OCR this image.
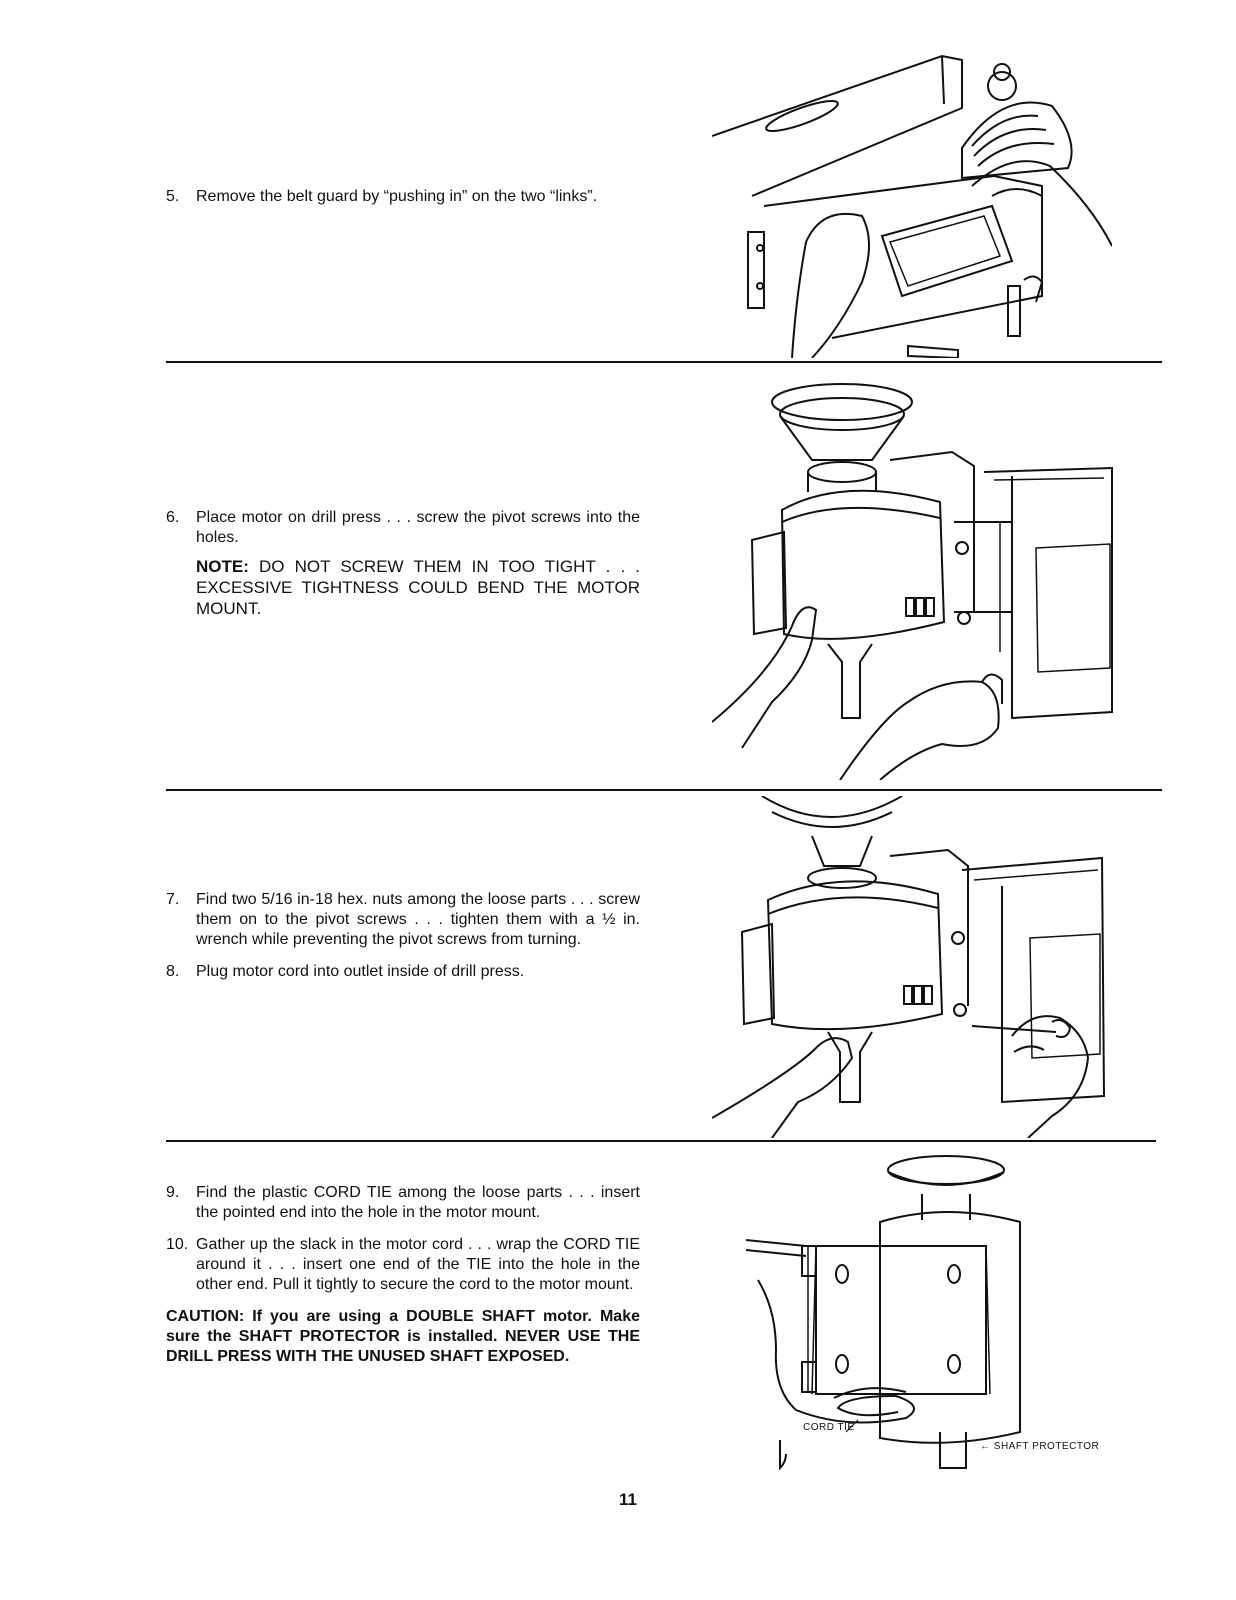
5. Remove the belt guard by “pushing in” on the two “links”.
6. Place motor on drill press . . . screw the pivot screws into the holes.
NOTE: DO NOT SCREW THEM IN TOO TIGHT . . . EXCESSIVE TIGHTNESS COULD BEND THE MOTOR MOUNT.
7. Find two 5/16 in-18 hex. nuts among the loose parts . . . screw them on to the pivot screws . . . tighten them with a ½ in. wrench while preventing the pivot screws from turning.
8. Plug motor cord into outlet inside of drill press.
9. Find the plastic CORD TIE among the loose parts . . . insert the pointed end into the hole in the motor mount.
10. Gather up the slack in the motor cord . . . wrap the CORD TIE around it . . . insert one end of the TIE into the hole in the other end. Pull it tightly to secure the cord to the motor mount.
CAUTION: If you are using a DOUBLE SHAFT motor. Make sure the SHAFT PROTECTOR is installed. NEVER USE THE DRILL PRESS WITH THE UNUSED SHAFT EXPOSED.
CORD TIE
← SHAFT PROTECTOR
11
